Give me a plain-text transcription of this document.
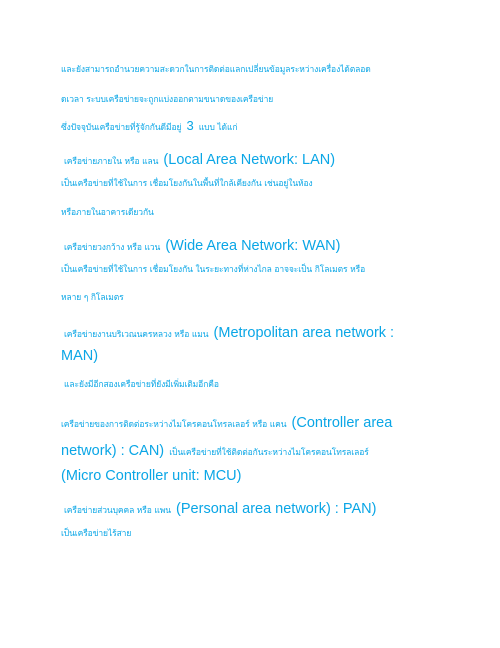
และยังสามารถอำนวยความสะดวกในการติดต่อแลกเปลี่ยนข้อมูลระหว่างเครื่องได้ตลอด
ดเวลา ระบบเครือข่ายจะถูกแบ่งออกตามขนาดของเครือข่าย
ซึ่งปัจจุบันเครือข่ายที่รู้จักกันดีมีอยู่ 3 แบบ ได้แก่
เครือข่ายภายใน หรือ แลน (Local Area Network: LAN)
เป็นเครือข่ายที่ใช้ในการ เชื่อมโยงกันในพื้นที่ใกล้เคียงกัน เช่นอยู่ในห้อง
หรือภายในอาคารเดียวกัน
เครือข่ายวงกว้าง หรือ แวน (Wide Area Network: WAN)
เป็นเครือข่ายที่ใช้ในการ เชื่อมโยงกัน ในระยะทางที่ห่างไกล อาจจะเป็น กิโลเมตร หรือ
หลาย ๆ กิโลเมตร
เครือข่ายงานบริเวณนครหลวง หรือ แมน (Metropolitan area network :
MAN)
และยังมีอีกสองเครือข่ายที่ยังมีเพิ่มเติมอีกคือ
เครือข่ายของการติดต่อระหว่างไมโครคอนโทรลเลอร์ หรือ แคน (Controller area
network) : CAN) เป็นเครือข่ายที่ใช้ติดต่อกันระหว่างไมโครคอนโทรลเลอร์
(Micro Controller unit: MCU)
เครือข่ายส่วนบุคคล หรือ แพน (Personal area network) : PAN)
เป็นเครือข่ายไร้สาย
